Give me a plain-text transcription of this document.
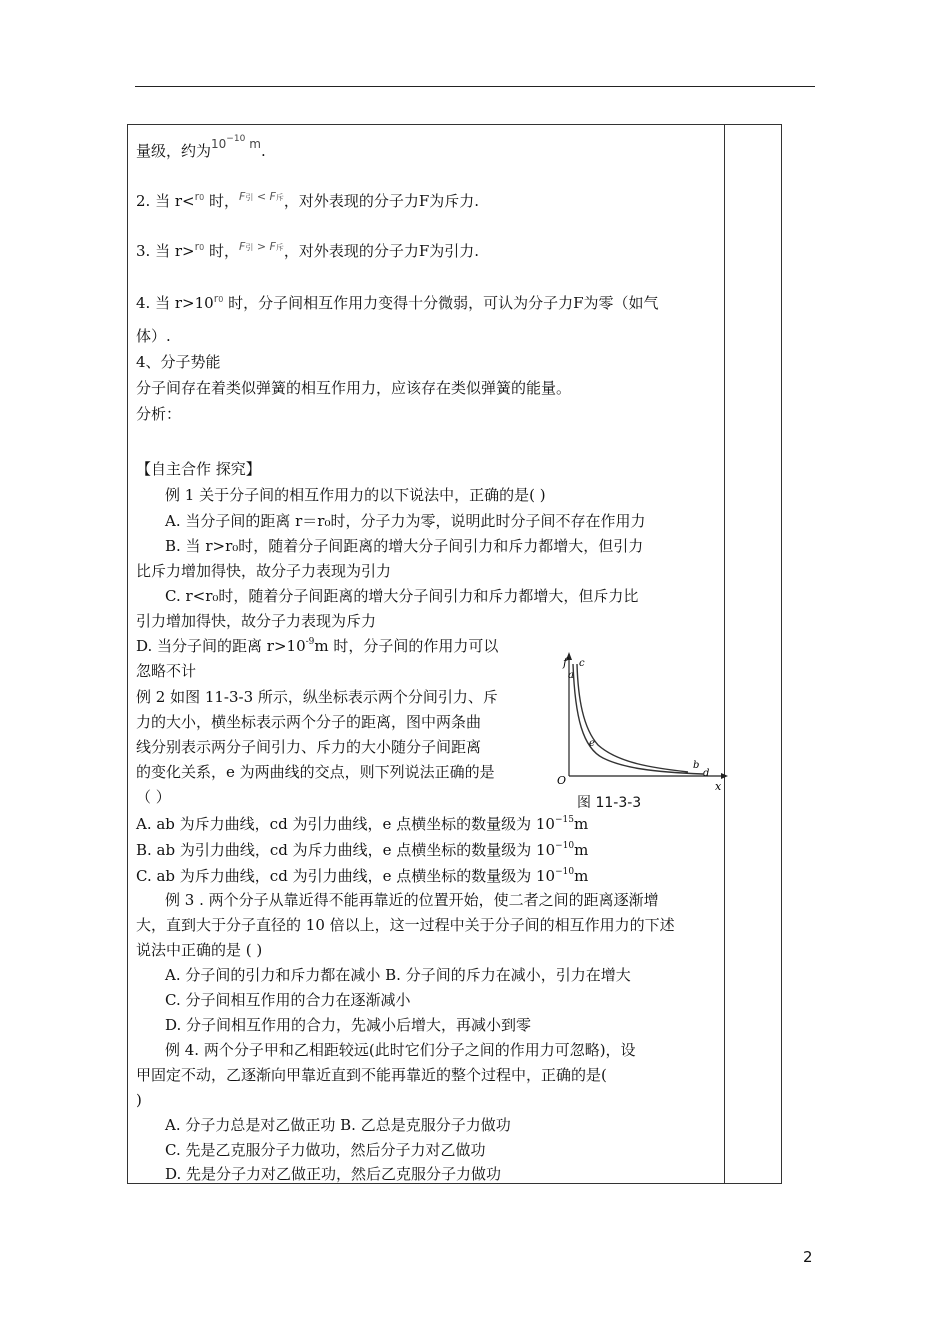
量级，约为$^{10^{-10} m}$.
2. 当 r<$^{r0}$ 时，$^{F引 < F斥}$，对外表现的分子力F为斥力.
3. 当 r>$^{r0}$ 时，$^{F引 > F斥}$，对外表现的分子力F为引力.
4. 当 $r>10^{r0}$ 时，分子间相互作用力变得十分微弱，可认为分子力F为零（如气
体）.
4、分子势能
分子间存在着类似弹簧的相互作用力，应该存在类似弹簧的能量。
分析：
【自主合作 探究】
例 1 关于分子间的相互作用力的以下说法中，正确的是( )
A. 当分子间的距离 r＝r₀时，分子力为零，说明此时分子间不存在作用力
B. 当 r>r₀时，随着分子间距离的增大分子间引力和斥力都增大，但引力
比斥力增加得快，故分子力表现为引力
C. r<r₀时，随着分子间距离的增大分子间引力和斥力都增大，但斥力比
引力增加得快，故分子力表现为斥力
D. 当分子间的距离 $r>10^{-9}m$ 时，分子间的作用力可以
忽略不计
例 2 如图 11-3-3 所示，纵坐标表示两个分间引力、斥
力的大小，横坐标表示两个分子的距离，图中两条曲
线分别表示两分子间引力、斥力的大小随分子间距离
的变化关系，e 为两曲线的交点，则下列说法正确的是
（ ）
A. ab 为斥力曲线，cd 为引力曲线，e 点横坐标的数量级为 $10^{-15}m$
B. ab 为引力曲线，cd 为斥力曲线，e 点横坐标的数量级为 $10^{-10}m$
C. ab 为斥力曲线，cd 为引力曲线，e 点横坐标的数量级为 $10^{-10}m$
f
x
O
a
c
e
b
d
图 11-3-3
例 3 . 两个分子从靠近得不能再靠近的位置开始，使二者之间的距离逐渐增
大，直到大于分子直径的 10 倍以上，这一过程中关于分子间的相互作用力的下述
说法中正确的是 ( )
A. 分子间的引力和斥力都在减小 B. 分子间的斥力在减小，引力在增大
C. 分子间相互作用的合力在逐渐减小
D. 分子间相互作用的合力，先减小后增大，再减小到零
例 4. 两个分子甲和乙相距较远(此时它们分子之间的作用力可忽略)，设
甲固定不动，乙逐渐向甲靠近直到不能再靠近的整个过程中，正确的是(
)
A. 分子力总是对乙做正功 B. 乙总是克服分子力做功
C. 先是乙克服分子力做功，然后分子力对乙做功
D. 先是分子力对乙做正功，然后乙克服分子力做功
2
